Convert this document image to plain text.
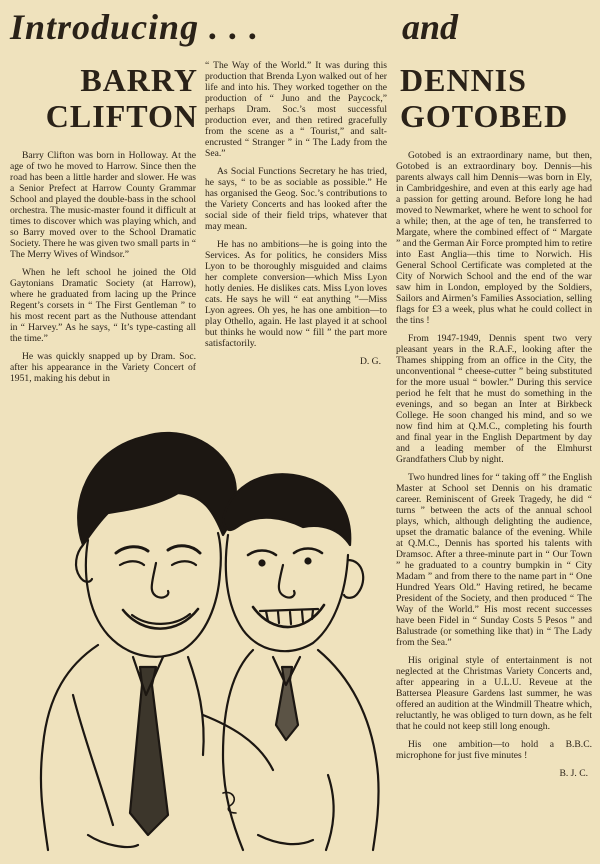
Introducing . . .	and
BARRY CLIFTON
DENNIS GOTOBED

Barry Clifton was born in Holloway. At the age of two he moved to Harrow. Since then the road has been a little harder and slower. He was a Senior Prefect at Harrow County Grammar School and played the double-bass in the school orchestra. The music-master found it difficult at times to discover which was playing which, and so Barry moved over to the School Dramatic Society. There he was given two small parts in “ The Merry Wives of Windsor.”

When he left school he joined the Old Gaytonians Dramatic Society (at Harrow), where he graduated from lacing up the Prince Regent’s corsets in “ The First Gentleman ” to his most recent part as the Nuthouse attendant in “ Harvey.” As he says, “ It’s type-casting all the time.”

He was quickly snapped up by Dram. Soc. after his appearance in the Variety Concert of 1951, making his debut in

“ The Way of the World.” It was during this production that Brenda Lyon walked out of her life and into his. They worked together on the production of “ Juno and the Paycock,” perhaps Dram. Soc.’s most successful production ever, and then retired gracefully from the scene as a “ Tourist,” and salt-encrusted “ Stranger ” in “ The Lady from the Sea.”

As Social Functions Secretary he has tried, he says, “ to be as sociable as possible.” He has organised the Geog. Soc.’s contributions to the Variety Concerts and has looked after the social side of their field trips, whatever that may mean.

He has no ambitions—he is going into the Services. As for politics, he considers Miss Lyon to be thoroughly misguided and claims her complete conversion—which Miss Lyon hotly denies. He dislikes cats. Miss Lyon loves cats. He says he will “ eat anything ”—Miss Lyon agrees. Oh yes, he has one ambition—to play Othello, again. He last played it at school but thinks he would now “ fill ” the part more satisfactorily.

D. G.

Gotobed is an extraordinary name, but then, Gotobed is an extraordinary boy. Dennis—his parents always call him Dennis—was born in Ely, in Cambridgeshire, and even at this early age had a passion for getting around. Before long he had moved to Newmarket, where he went to school for a while; then, at the age of ten, he transferred to Margate, where the combined effect of “ Margate ” and the German Air Force prompted him to retire into East Anglia—this time to Norwich. His General School Certificate was completed at the City of Norwich School and the end of the war saw him in London, employed by the Soldiers, Sailors and Airmen’s Families Association, selling flags for £3 a week, plus what he could collect in the tins !

From 1947-1949, Dennis spent two very pleasant years in the R.A.F., looking after the Thames shipping from an office in the City, the unconventional “ cheese-cutter ” being substituted for the more usual “ bowler.” During this service period he felt that he must do something in the evenings, and so began an Inter at Birkbeck College. He soon changed his mind, and so we now find him at Q.M.C., completing his fourth and final year in the English Department by day and a leading member of the Elmhurst Grandfathers Club by night.

Two hundred lines for “ taking off ” the English Master at School set Dennis on his dramatic career. Reminiscent of Greek Tragedy, he did “ turns ” between the acts of the annual school plays, which, although delighting the audience, upset the dramatic balance of the evening. While at Q.M.C., Dennis has sported his talents with Dramsoc. After a three-minute part in “ Our Town ” he graduated to a country bumpkin in “ City Madam ” and from there to the name part in “ One Hundred Years Old.” Having retired, he became President of the Society, and then produced “ The Way of the World.” His most recent successes have been Fidel in “ Sunday Costs 5 Pesos ” and Balustrade (or something like that) in “ The Lady from the Sea.”

His original style of entertainment is not neglected at the Christmas Variety Concerts and, after appearing in a U.L.U. Reveue at the Battersea Pleasure Gardens last summer, he was offered an audition at the Windmill Theatre which, reluctantly, he was obliged to turn down, as he felt that he could not keep still long enough.

His one ambition—to hold a B.B.C. microphone for just five minutes !

B. J. C.
